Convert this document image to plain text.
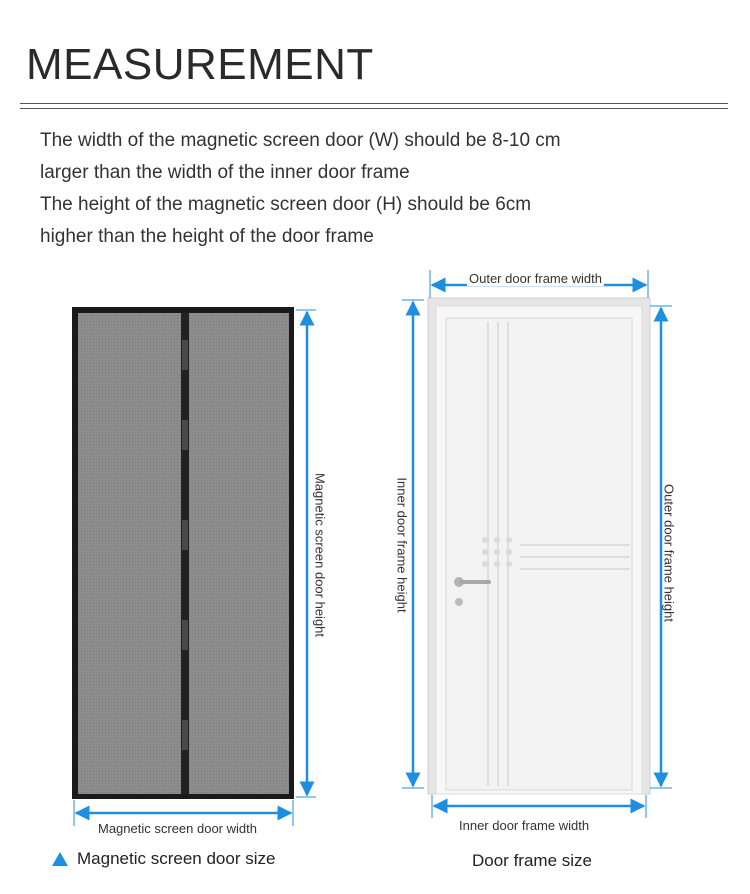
MEASUREMENT
The width of the magnetic screen door (W) should be 8-10 cm
larger than the width of the inner door frame
The height of the magnetic screen door (H) should be 6cm
higher than the height of the door frame
Magnetic screen door width
Magnetic screen door height
Outer door frame width
Inner door frame height	Outer door frame height
Inner door frame width
Magnetic screen door size	Door frame size
